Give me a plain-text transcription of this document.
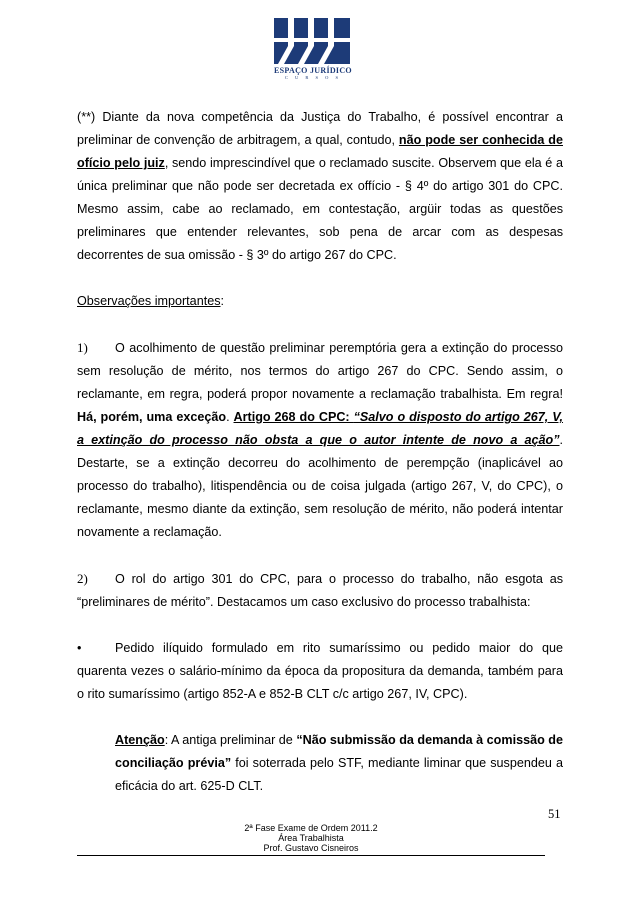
ESPAÇO JURÍDICO
C U R S O S

(**) Diante da nova competência da Justiça do Trabalho, é possível encontrar a preliminar de convenção de arbitragem, a qual, contudo, não pode ser conhecida de ofício pelo juiz, sendo imprescindível que o reclamado suscite. Observem que ela é a única preliminar que não pode ser decretada ex offício - § 4º do artigo 301 do CPC. Mesmo assim, cabe ao reclamado, em contestação, argüir todas as questões preliminares que entender relevantes, sob pena de arcar com as despesas decorrentes de sua omissão - § 3º do artigo 267 do CPC.

Observações importantes:

1) O acolhimento de questão preliminar peremptória gera a extinção do processo sem resolução de mérito, nos termos do artigo 267 do CPC. Sendo assim, o reclamante, em regra, poderá propor novamente a reclamação trabalhista. Em regra! Há, porém, uma exceção. Artigo 268 do CPC: “Salvo o disposto do artigo 267, V, a extinção do processo não obsta a que o autor intente de novo a ação”. Destarte, se a extinção decorreu do acolhimento de perempção (inaplicável ao processo do trabalho), litispendência ou de coisa julgada (artigo 267, V, do CPC), o reclamante, mesmo diante da extinção, sem resolução de mérito, não poderá intentar novamente a reclamação.

2) O rol do artigo 301 do CPC, para o processo do trabalho, não esgota as “preliminares de mérito”. Destacamos um caso exclusivo do processo trabalhista:

•	Pedido ilíquido formulado em rito sumaríssimo ou pedido maior do que quarenta vezes o salário-mínimo da época da propositura da demanda, também para o rito sumaríssimo (artigo 852-A e 852-B CLT c/c artigo 267, IV, CPC).

Atenção: A antiga preliminar de “Não submissão da demanda à comissão de conciliação prévia” foi soterrada pelo STF, mediante liminar que suspendeu a eficácia do art. 625-D CLT.

51
2ª Fase Exame de Ordem 2011.2
Área Trabalhista
Prof. Gustavo Cisneiros
